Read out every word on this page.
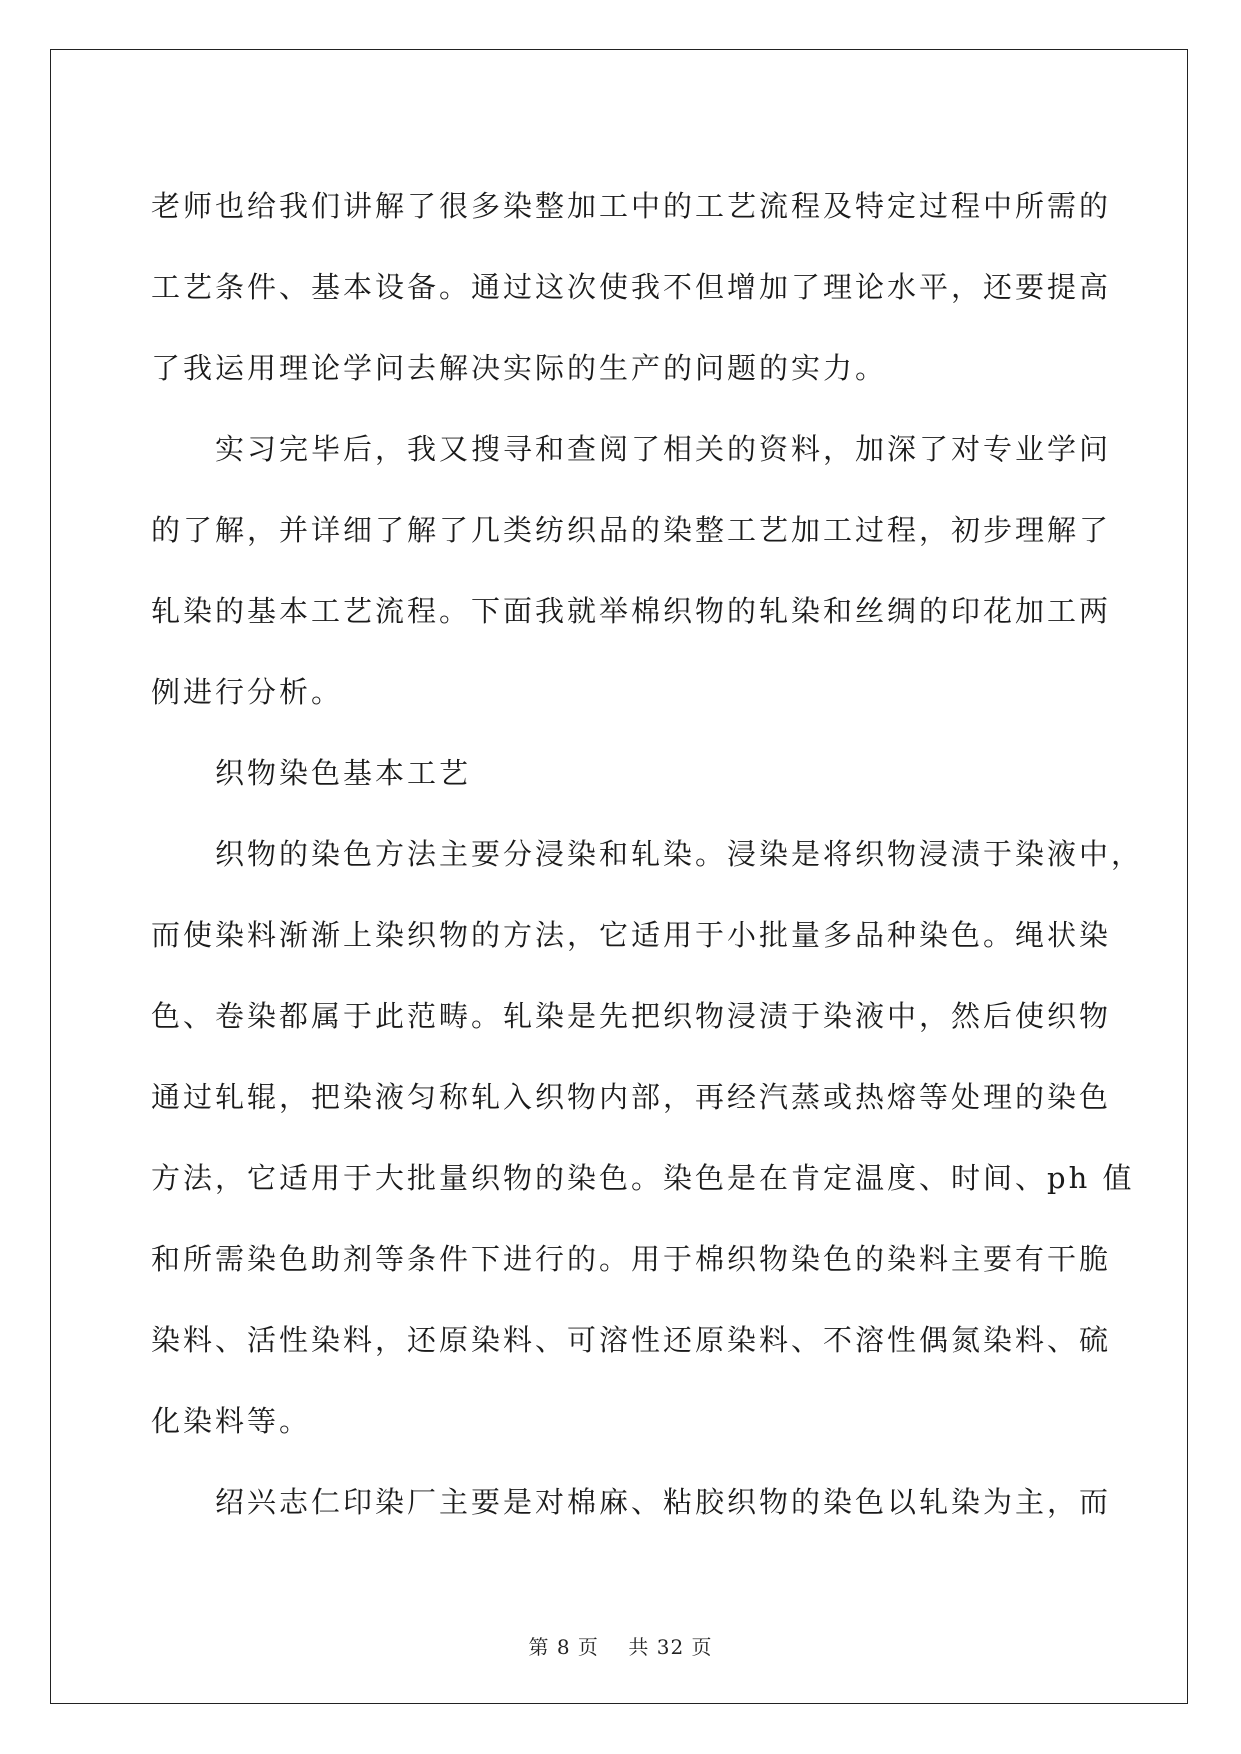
老师也给我们讲解了很多染整加工中的工艺流程及特定过程中所需的
工艺条件、基本设备。通过这次使我不但增加了理论水平，还要提高
了我运用理论学问去解决实际的生产的问题的实力。
实习完毕后，我又搜寻和查阅了相关的资料，加深了对专业学问
的了解，并详细了解了几类纺织品的染整工艺加工过程，初步理解了
轧染的基本工艺流程。下面我就举棉织物的轧染和丝绸的印花加工两
例进行分析。
织物染色基本工艺
织物的染色方法主要分浸染和轧染。浸染是将织物浸渍于染液中，
而使染料渐渐上染织物的方法，它适用于小批量多品种染色。绳状染
色、卷染都属于此范畴。轧染是先把织物浸渍于染液中，然后使织物
通过轧辊，把染液匀称轧入织物内部，再经汽蒸或热熔等处理的染色
方法，它适用于大批量织物的染色。染色是在肯定温度、时间、ph 值
和所需染色助剂等条件下进行的。用于棉织物染色的染料主要有干脆
染料、活性染料，还原染料、可溶性还原染料、不溶性偶氮染料、硫
化染料等。
绍兴志仁印染厂主要是对棉麻、粘胶织物的染色以轧染为主，而
第 8 页 共 32 页
